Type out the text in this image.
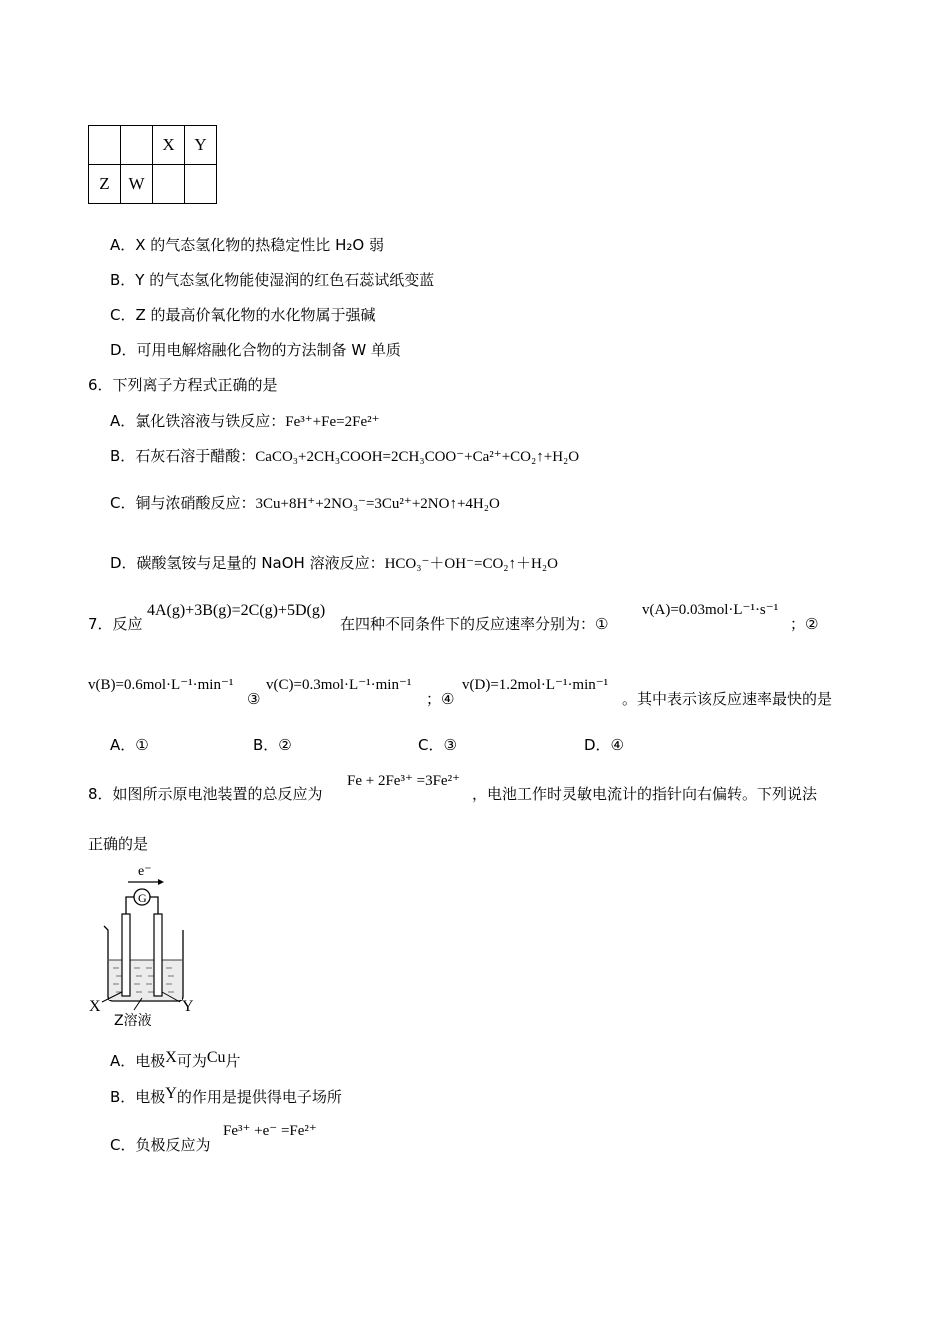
		X	Y
Z	W		
A．X 的气态氢化物的热稳定性比 H₂O 弱
B．Y 的气态氢化物能使湿润的红色石蕊试纸变蓝
C．Z 的最高价氧化物的水化物属于强碱
D．可用电解熔融化合物的方法制备 W 单质
6．下列离子方程式正确的是
A．氯化铁溶液与铁反应：Fe³⁺+Fe=2Fe²⁺
B．石灰石溶于醋酸：CaCO₃+2CH₃COOH=2CH₃COO⁻+Ca²⁺+CO₂↑+H₂O
C．铜与浓硝酸反应：3Cu+8H⁺+2NO₃⁻=3Cu²⁺+2NO↑+4H₂O
D．碳酸氢铵与足量的 NaOH 溶液反应：HCO₃⁻＋OH⁻=CO₂↑＋H₂O
7．反应
4A(g)+3B(g)=2C(g)+5D(g)
在四种不同条件下的反应速率分别为：①
v(A)=0.03mol·L⁻¹·s⁻¹
；②
v(B)=0.6mol·L⁻¹·min⁻¹
③
v(C)=0.3mol·L⁻¹·min⁻¹
；④
v(D)=1.2mol·L⁻¹·min⁻¹
。其中表示该反应速率最快的是
A．①	B．②	C．③	D．④
8．如图所示原电池装置的总反应为
Fe + 2Fe³⁺ =3Fe²⁺
，电池工作时灵敏电流计的指针向右偏转。下列说法
正确的是
e⁻
G
X	Y
Z溶液
A．电极X可为Cu片
B．电极Y的作用是提供得电子场所
C．负极反应为
Fe³⁺ +e⁻ =Fe²⁺
